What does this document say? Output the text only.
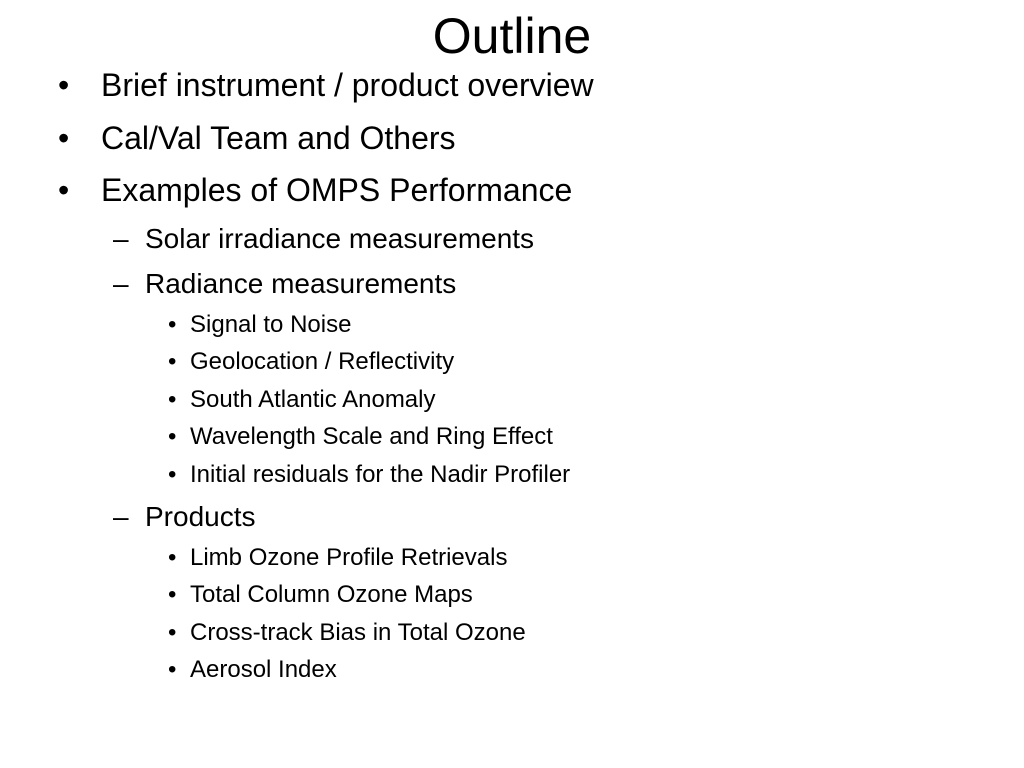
Outline
• Brief instrument / product overview
• Cal/Val Team and Others
• Examples of OMPS Performance
– Solar irradiance measurements
– Radiance measurements
• Signal to Noise
• Geolocation / Reflectivity
• South Atlantic Anomaly
• Wavelength Scale and Ring Effect
• Initial residuals for the Nadir Profiler
– Products
• Limb Ozone Profile Retrievals
• Total Column Ozone Maps
• Cross-track Bias in Total Ozone
• Aerosol Index
